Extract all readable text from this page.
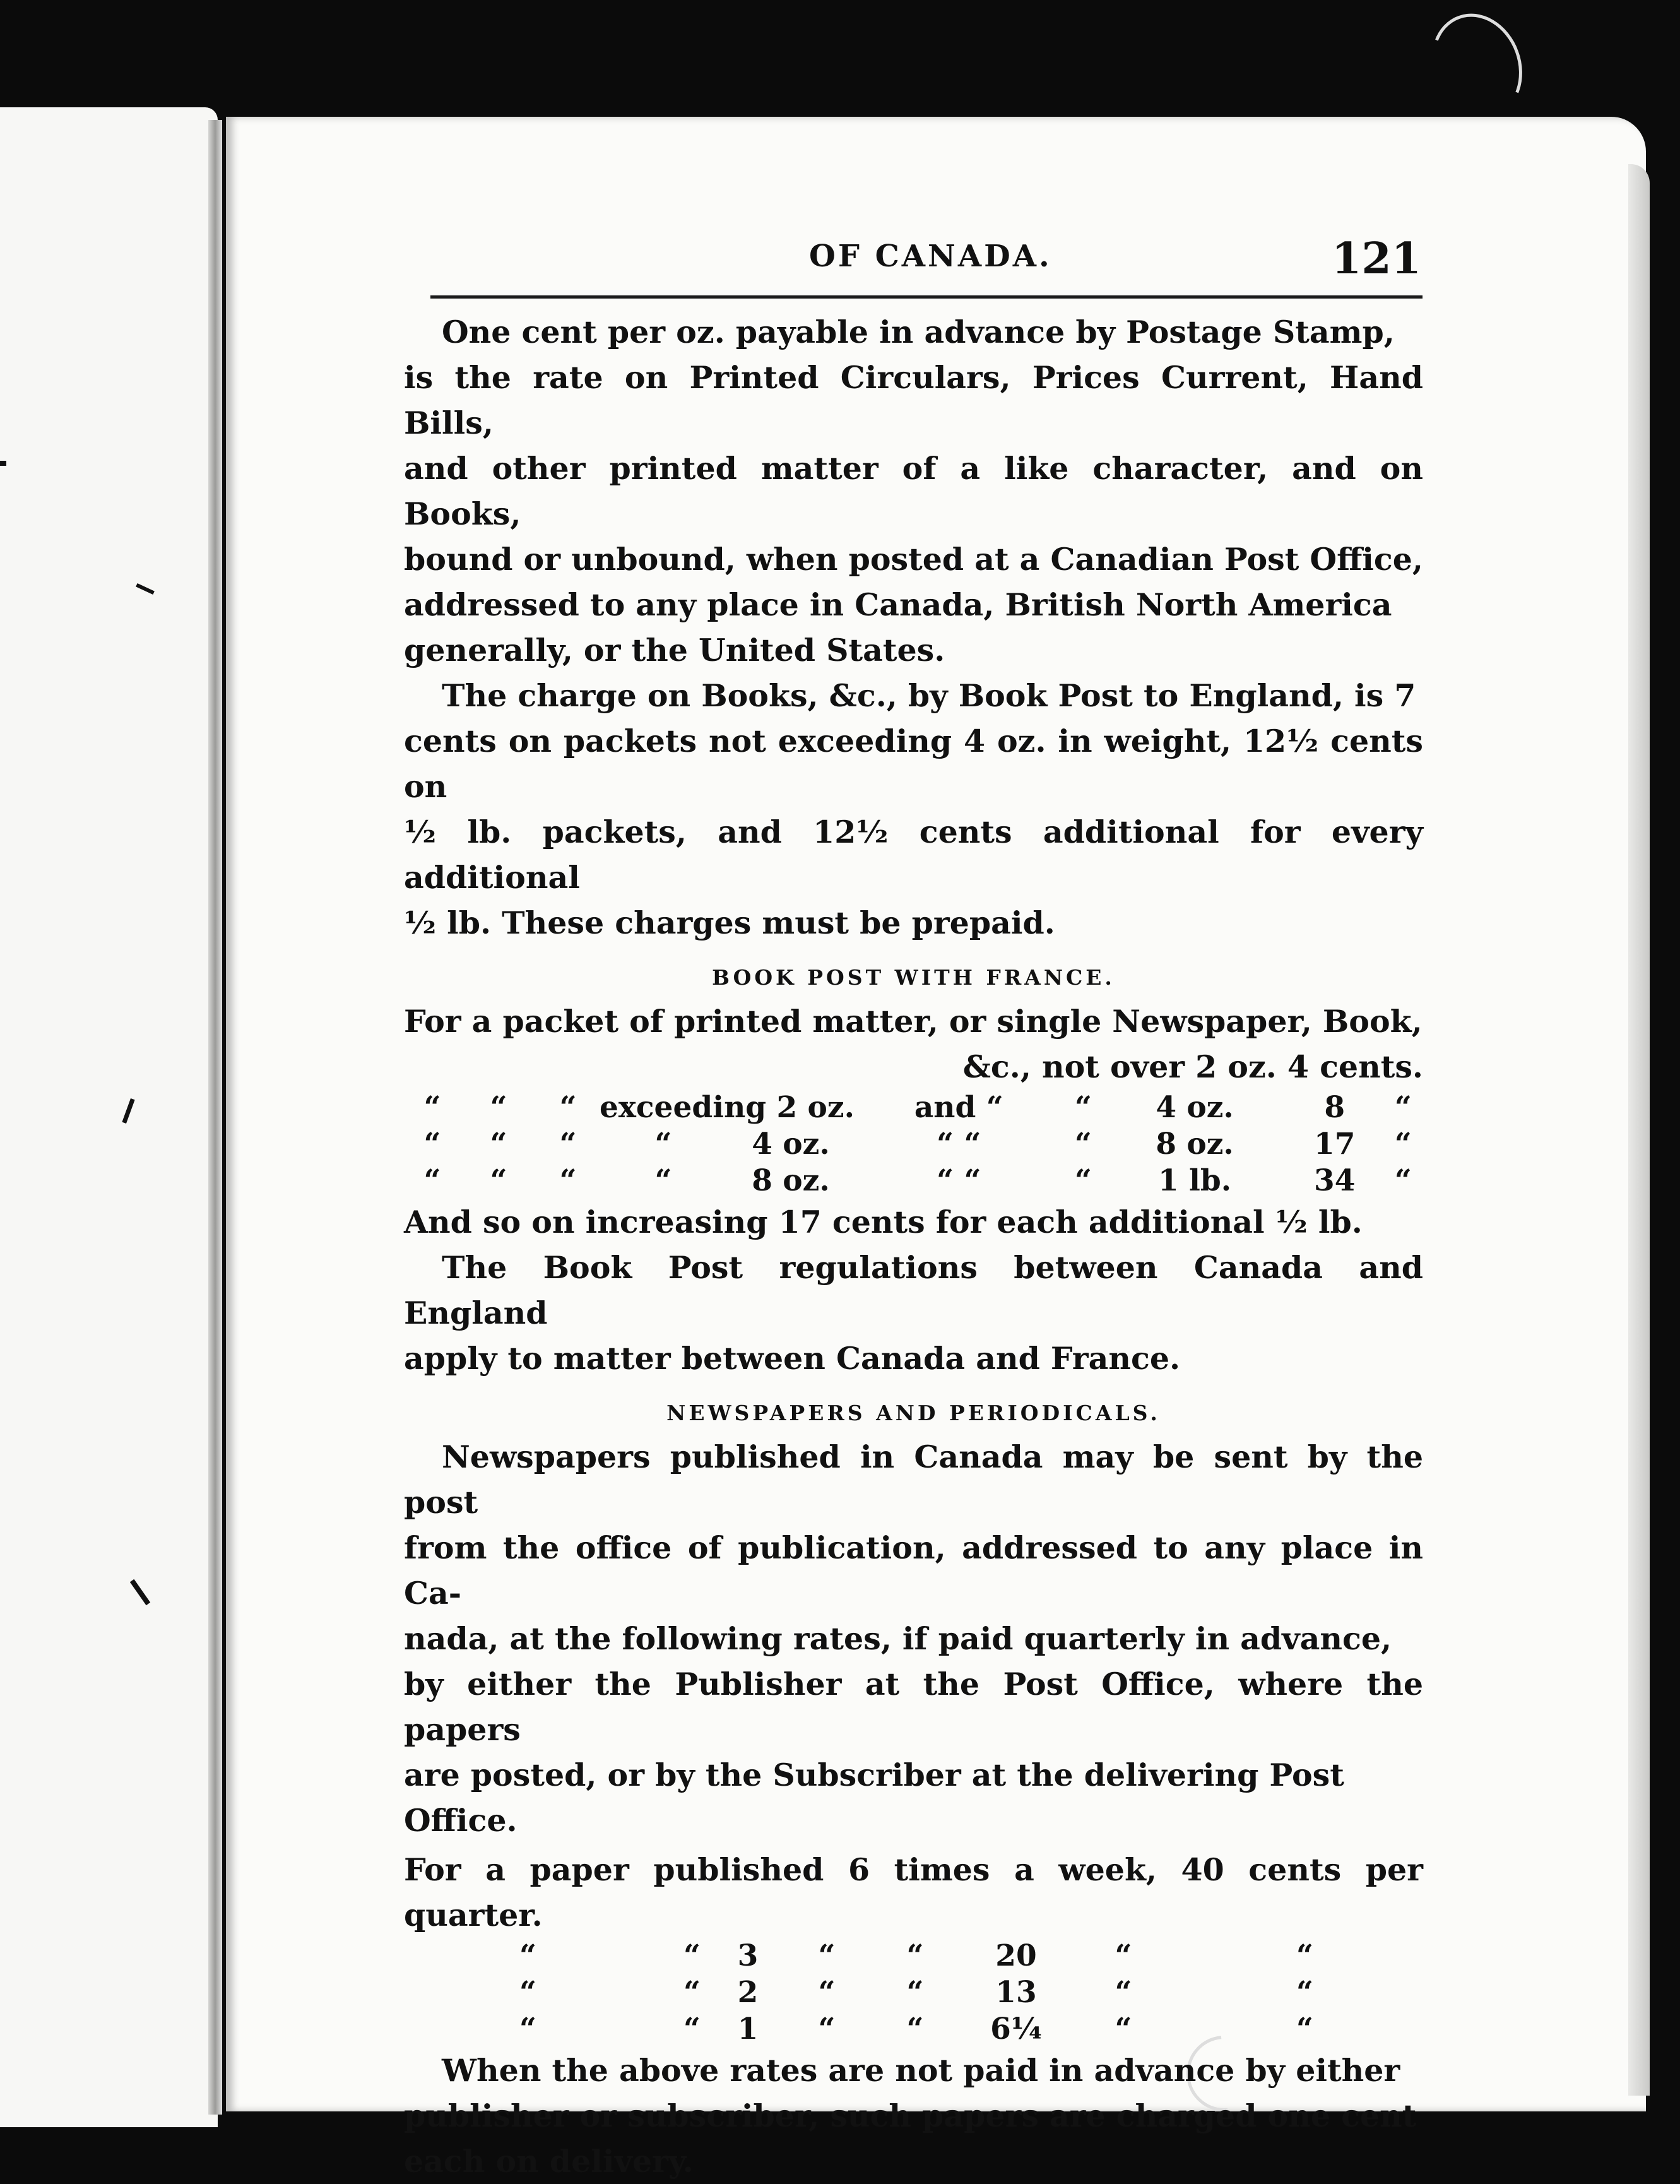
OF CANADA.	121
One cent per oz. payable in advance by Postage Stamp,
is the rate on Printed Circulars, Prices Current, Hand Bills,
and other printed matter of a like character, and on Books,
bound or unbound, when posted at a Canadian Post Office,
addressed to any place in Canada, British North America
generally, or the United States.
The charge on Books, &c., by Book Post to England, is 7
cents on packets not exceeding 4 oz. in weight, 12½ cents on
½ lb. packets, and 12½ cents additional for every additional
½ lb. These charges must be prepaid.
BOOK POST WITH FRANCE.
For a packet of printed matter, or single Newspaper, Book,
&c., not over 2 oz. 4 cents.
“	“	“	exceeding 2 oz.		and “	“	4 oz.	8	“
“	“	“	“	4 oz.	“ “	“	8 oz.	17	“
“	“	“	“	8 oz.	“ “	“	1 lb.	34	“
And so on increasing 17 cents for each additional ½ lb.
The Book Post regulations between Canada and England
apply to matter between Canada and France.
NEWSPAPERS AND PERIODICALS.
Newspapers published in Canada may be sent by the post
from the office of publication, addressed to any place in Ca-
nada, at the following rates, if paid quarterly in advance,
by either the Publisher at the Post Office, where the papers
are posted, or by the Subscriber at the delivering Post
Office.
For a paper published 6 times a week, 40 cents per quarter.
“	“	3	“	“	20	“	“
“	“	2	“	“	13	“	“
“	“	1	“	“	6¼	“	“
When the above rates are not paid in advance by either
publisher or subscriber, such papers are charged one cent
each on delivery.
